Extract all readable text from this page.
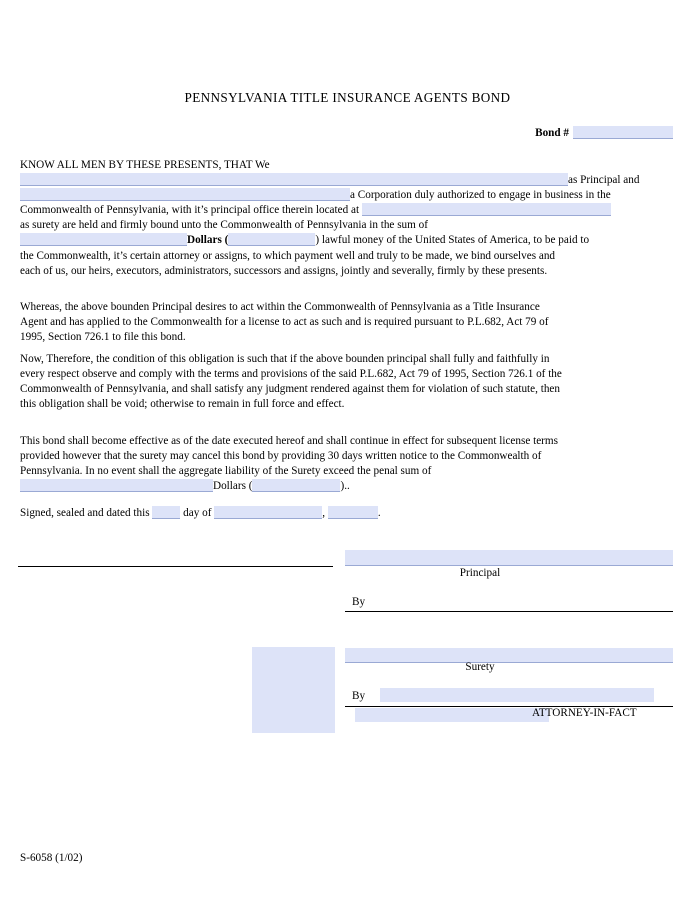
PENNSYLVANIA TITLE INSURANCE AGENTS BOND
Bond #
KNOW ALL MEN BY THESE PRESENTS, THAT We
as Principal and
a Corporation duly authorized to engage in business in the
Commonwealth of Pennsylvania, with it’s principal office therein located at
as surety are held and firmly bound unto the Commonwealth of Pennsylvania in the sum of
Dollars (	) lawful money of the United States of America, to be paid to
the Commonwealth, it’s certain attorney or assigns, to which payment well and truly to be made, we bind ourselves and
each of us, our heirs, executors, administrators, successors and assigns, jointly and severally, firmly by these presents.
Whereas, the above bounden Principal desires to act within the Commonwealth of Pennsylvania as a Title Insurance
Agent and has applied to the Commonwealth for a license to act as such and is required pursuant to P.L.682, Act 79 of
1995, Section 726.1 to file this bond.
Now, Therefore, the condition of this obligation is such that if the above bounden principal shall fully and faithfully in
every respect observe and comply with the terms and provisions of the said P.L.682, Act 79 of 1995, Section 726.1 of the
Commonwealth of Pennsylvania, and shall satisfy any judgment rendered against them for violation of such statute, then
this obligation shall be void; otherwise to remain in full force and effect.
This bond shall become effective as of the date executed hereof and shall continue in effect for subsequent license terms
provided however that the surety may cancel this bond by providing 30 days written notice to the Commonwealth of
Pennsylvania. In no event shall the aggregate liability of the Surety exceed the penal sum of
Dollars (	)..
Signed, sealed and dated this	day of	,	.
Principal
By
Surety
By
ATTORNEY-IN-FACT
S-6058 (1/02)
